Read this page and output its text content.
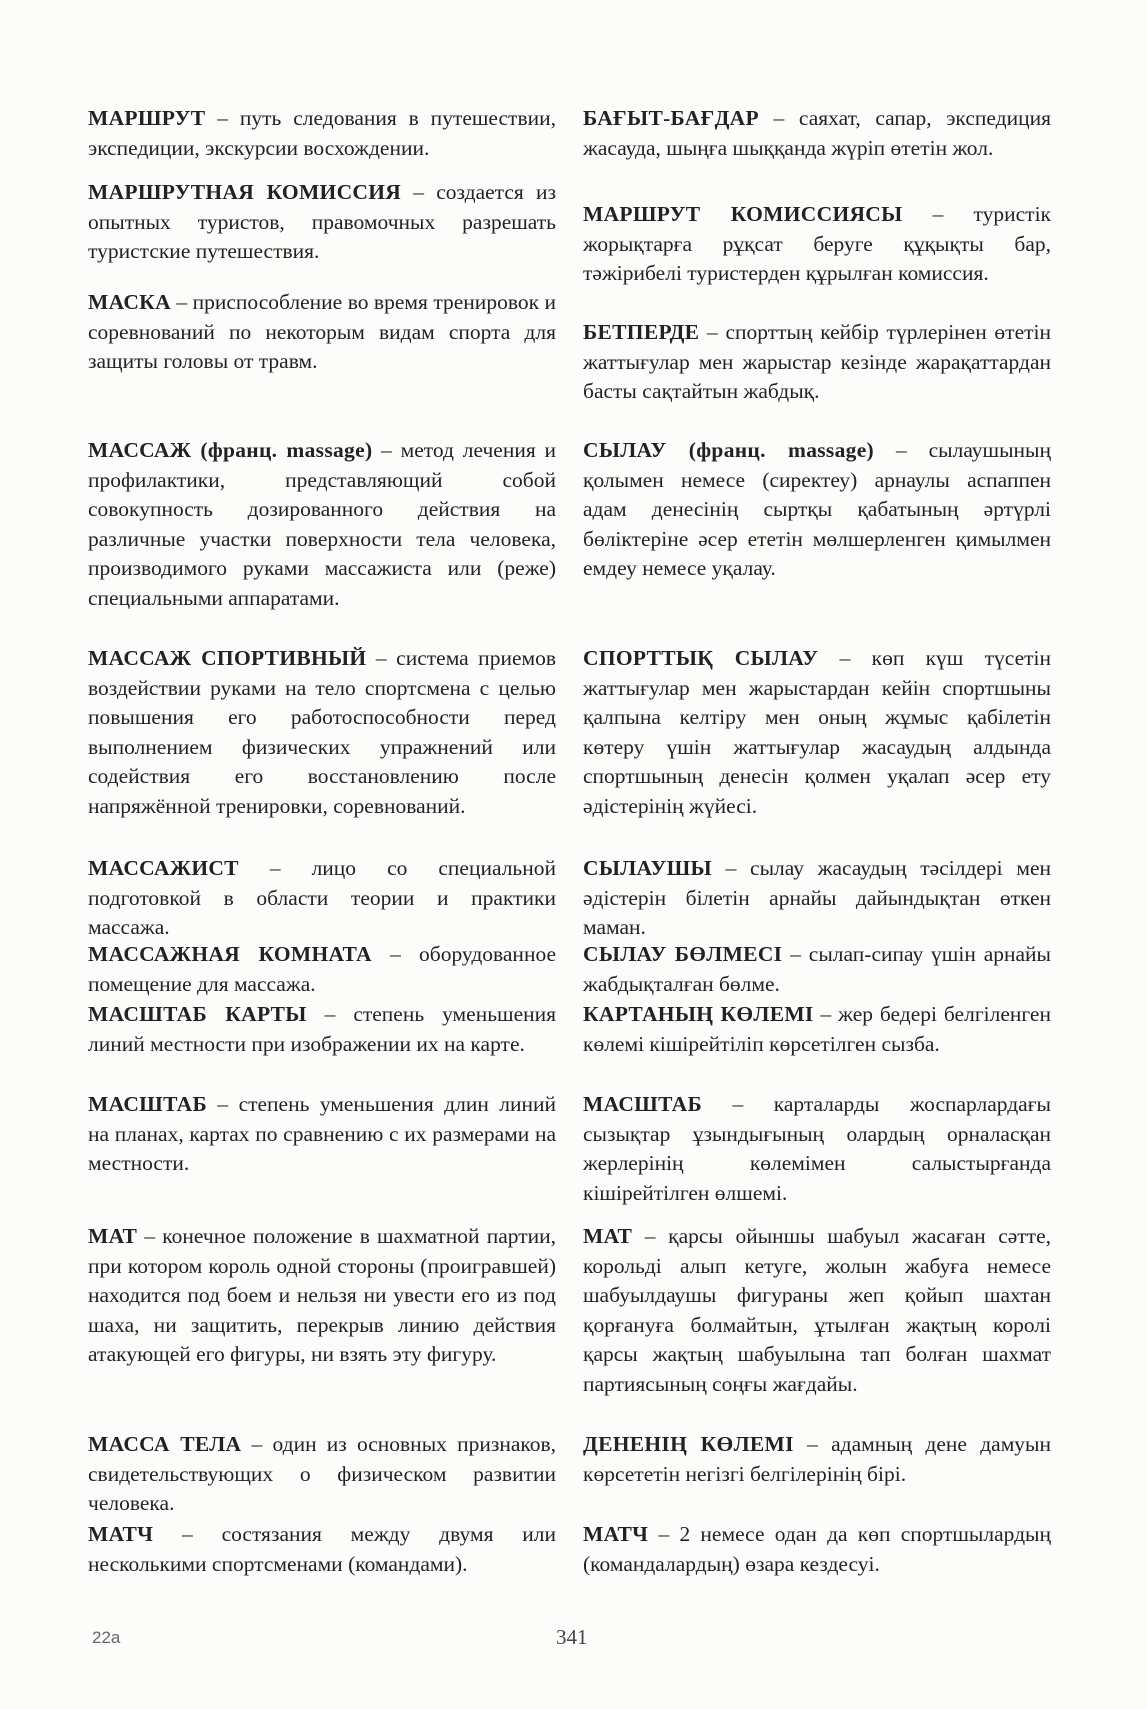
МАРШРУТ – путь следования в путешествии, экспедиции, экскурсии восхождении.

МАРШРУТНАЯ КОМИССИЯ – создается из опытных туристов, правомочных разрешать туристские путешествия.

МАСКА – приспособление во время тренировок и соревнований по некоторым видам спорта для защиты головы от травм.

МАССАЖ (франц. massage) – метод лечения и профилактики, представляющий собой совокупность дозированного действия на различные участки поверхности тела человека, производимого руками массажиста или (реже) специальными аппаратами.

МАССАЖ СПОРТИВНЫЙ – система приемов воздействии руками на тело спортсмена с целью повышения его работоспособности перед выполнением физических упражнений или содействия его восстановлению после напряжённой тренировки, соревнований.

МАССАЖИСТ – лицо со специальной подготовкой в области теории и практики массажа.

МАССАЖНАЯ КОМНАТА – оборудованное помещение для массажа.

МАСШТАБ КАРТЫ – степень уменьшения линий местности при изображении их на карте.

МАСШТАБ – степень уменьшения длин линий на планах, картах по сравнению с их размерами на местности.

МАТ – конечное положение в шахматной партии, при котором король одной стороны (проигравшей) находится под боем и нельзя ни увести его из под шаха, ни защитить, перекрыв линию действия атакующей его фигуры, ни взять эту фигуру.

МАССА ТЕЛА – один из основных признаков, свидетельствующих о физическом развитии человека.

МАТЧ – состязания между двумя или несколькими спортсменами (командами).

БАҒЫТ-БАҒДАР – саяхат, сапар, экспедиция жасауда, шыңға шыққанда жүріп өтетін жол.

МАРШРУТ КОМИССИЯСЫ – туристік жорықтарға рұқсат беруге құқықты бар, тәжірибелі туристерден құрылған комиссия.

БЕТПЕРДЕ – спорттың кейбір түрлерінен өтетін жаттығулар мен жарыстар кезінде жарақаттардан басты сақтайтын жабдық.

СЫЛАУ (франц. massage) – сылаушының қолымен немесе (сиректеу) арнаулы аспаппен адам денесінің сыртқы қабатының әртүрлі бөліктеріне әсер ететін мөлшерленген қимылмен емдеу немесе уқалау.

СПОРТТЫҚ СЫЛАУ – көп күш түсетін жаттығулар мен жарыстардан кейін спортшыны қалпына келтіру мен оның жұмыс қабілетін көтеру үшін жаттығулар жасаудың алдында спортшының денесін қолмен уқалап әсер ету әдістерінің жүйесі.

СЫЛАУШЫ – сылау жасаудың тәсілдері мен әдістерін білетін арнайы дайындықтан өткен маман.

СЫЛАУ БӨЛМЕСІ – сылап-сипау үшін арнайы жабдықталған бөлме.

КАРТАНЫҢ КӨЛЕМІ – жер бедері белгіленген көлемі кішірейтіліп көрсетілген сызба.

МАСШТАБ – карталарды жоспарлардағы сызықтар ұзындығының олардың орналасқан жерлерінің көлемімен салыстырғанда кішірейтілген өлшемі.

МАТ – қарсы ойыншы шабуыл жасаған сәтте, корольді алып кетуге, жолын жабуға немесе шабуылдаушы фигураны жеп қойып шахтан қорғануға болмайтын, ұтылған жақтың королі қарсы жақтың шабуылына тап болған шахмат партиясының соңғы жағдайы.

ДЕНЕНІҢ КӨЛЕМІ – адамның дене дамуын көрсететін негізгі белгілерінің бірі.

МАТЧ – 2 немесе одан да көп спортшылардың (командалардың) өзара кездесуі.

22a	341
